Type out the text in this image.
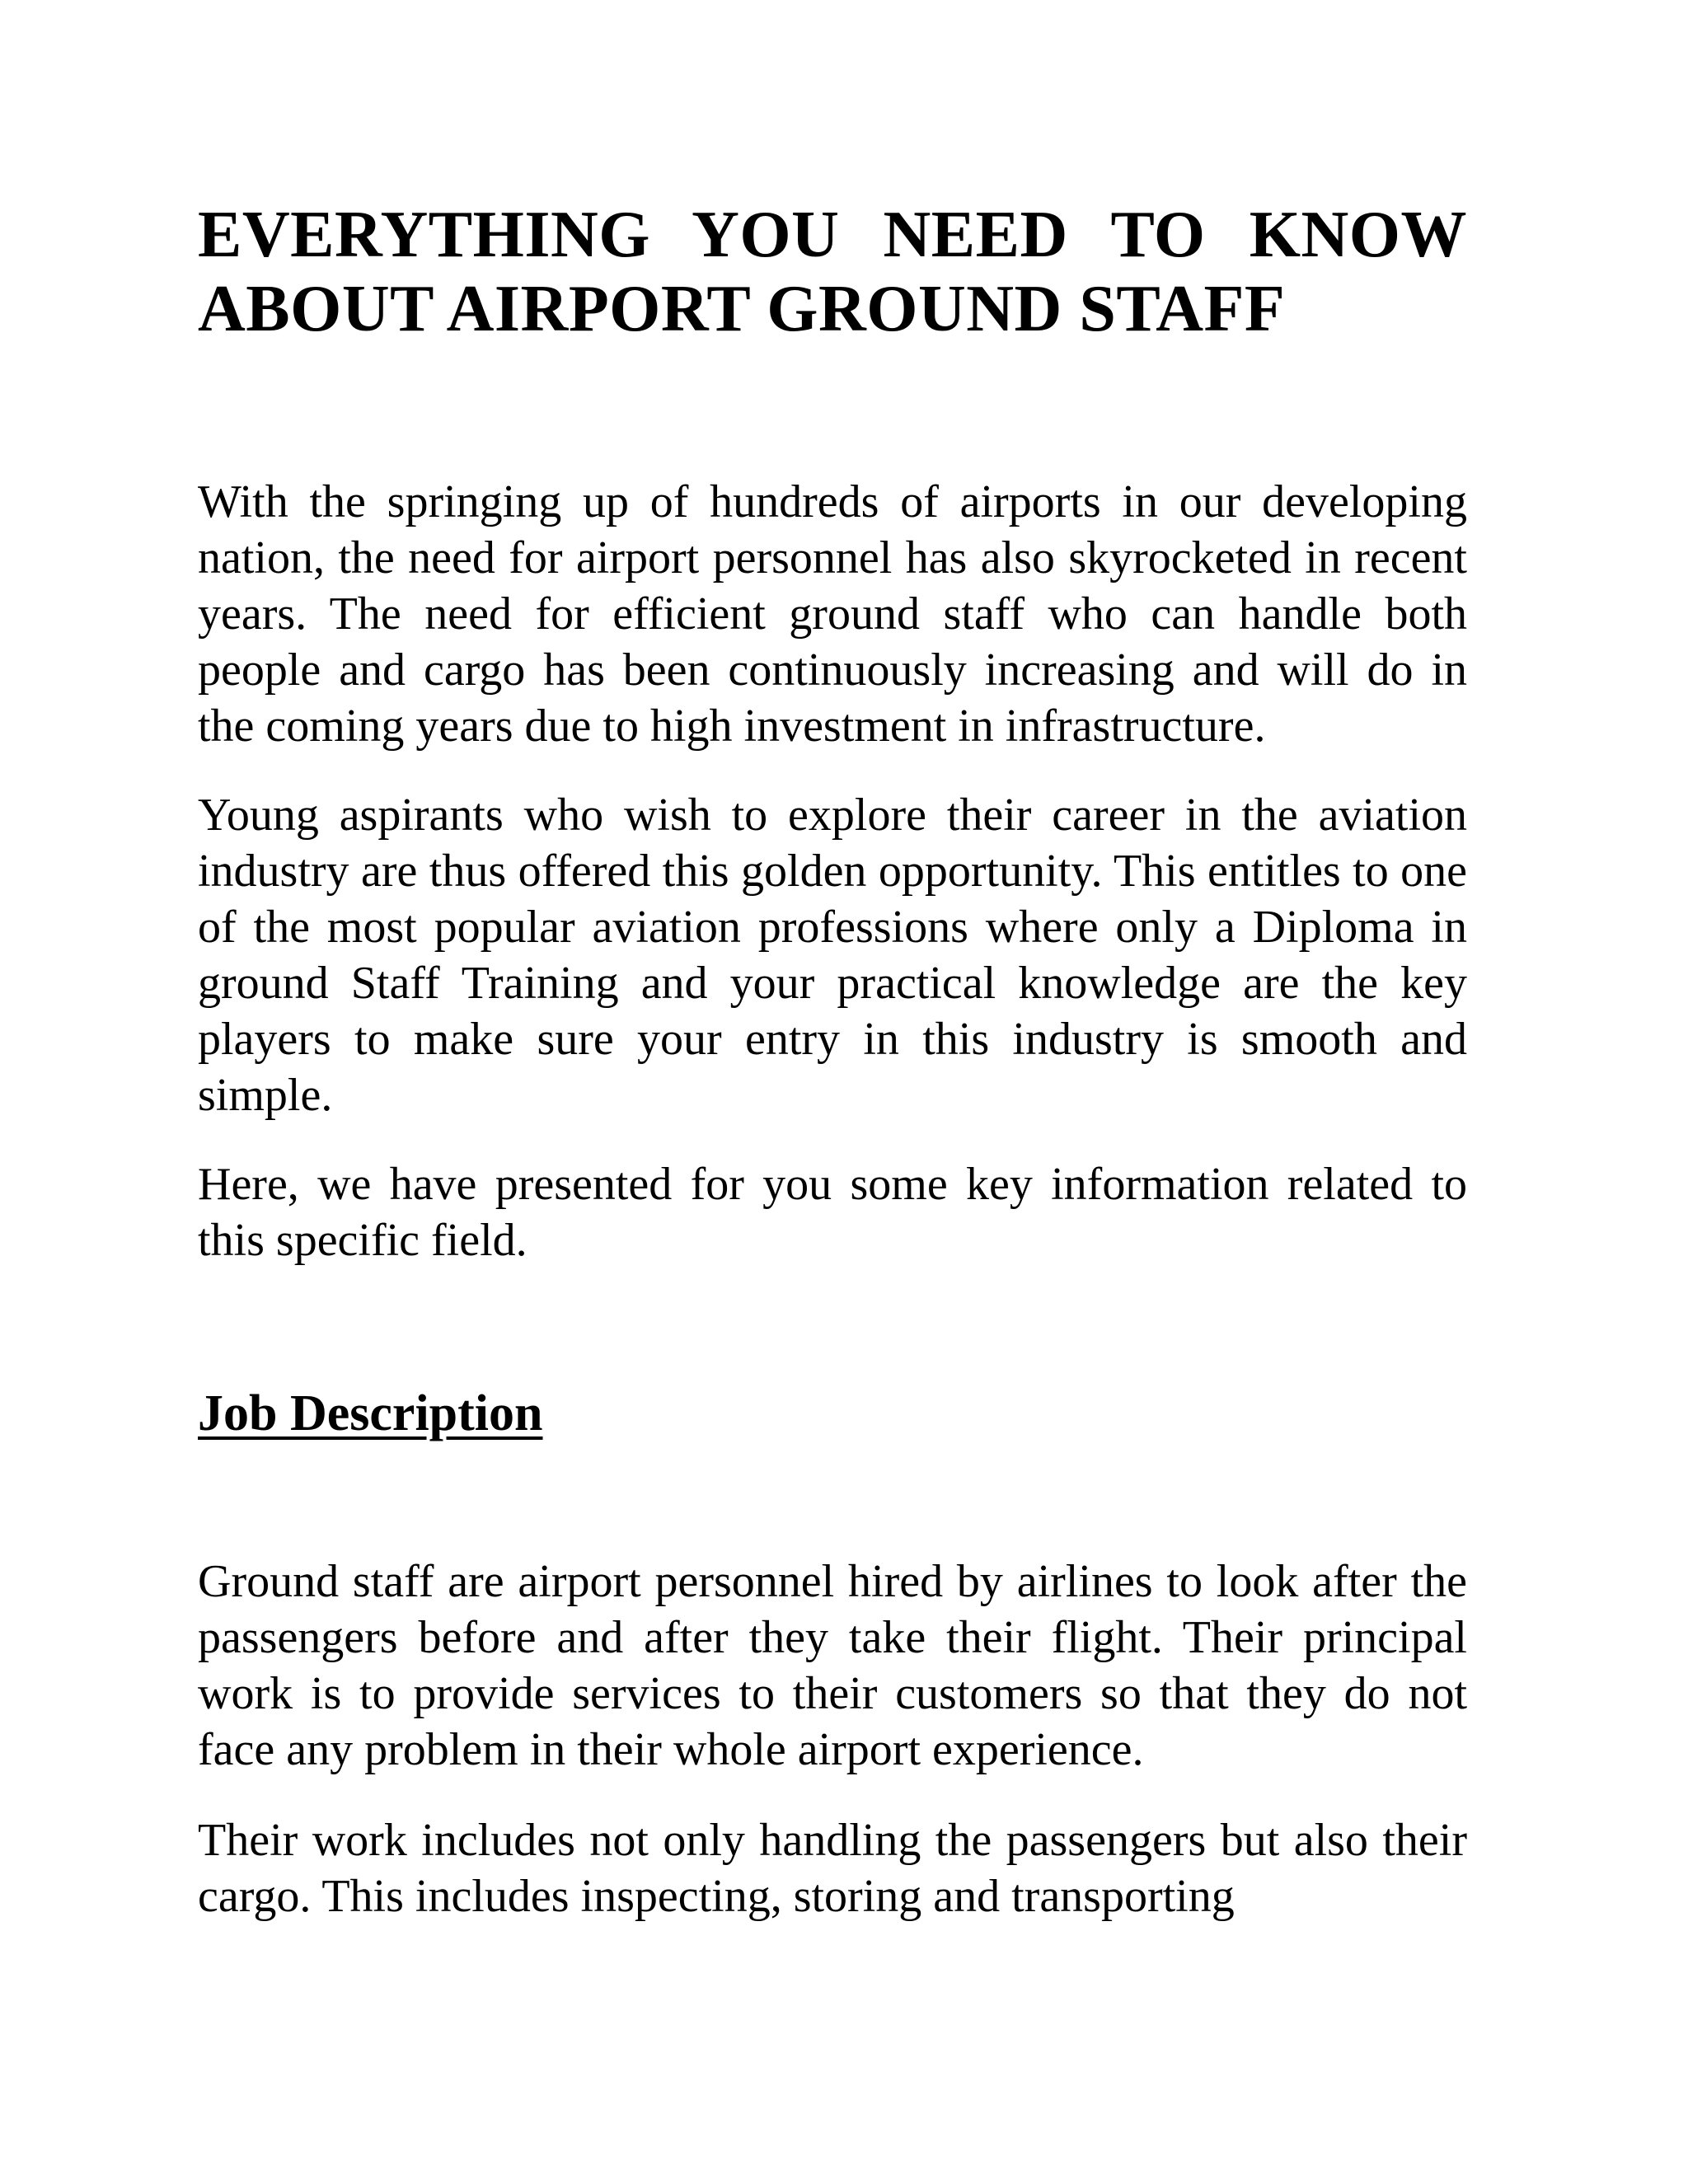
EVERYTHING YOU NEED TO KNOW
ABOUT AIRPORT GROUND STAFF

With the springing up of hundreds of airports in our developing nation, the need for airport personnel has also skyrocketed in recent years. The need for efficient ground staff who can handle both people and cargo has been continuously increasing and will do in the coming years due to high investment in infrastructure.

Young aspirants who wish to explore their career in the aviation industry are thus offered this golden opportunity. This entitles to one of the most popular aviation professions where only a Diploma in ground Staff Training and your practical knowledge are the key players to make sure your entry in this industry is smooth and simple.

Here, we have presented for you some key information related to this specific field.

Job Description

Ground staff are airport personnel hired by airlines to look after the passengers before and after they take their flight. Their principal work is to provide services to their customers so that they do not face any problem in their whole airport experience.

Their work includes not only handling the passengers but also their cargo. This includes inspecting, storing and transporting
